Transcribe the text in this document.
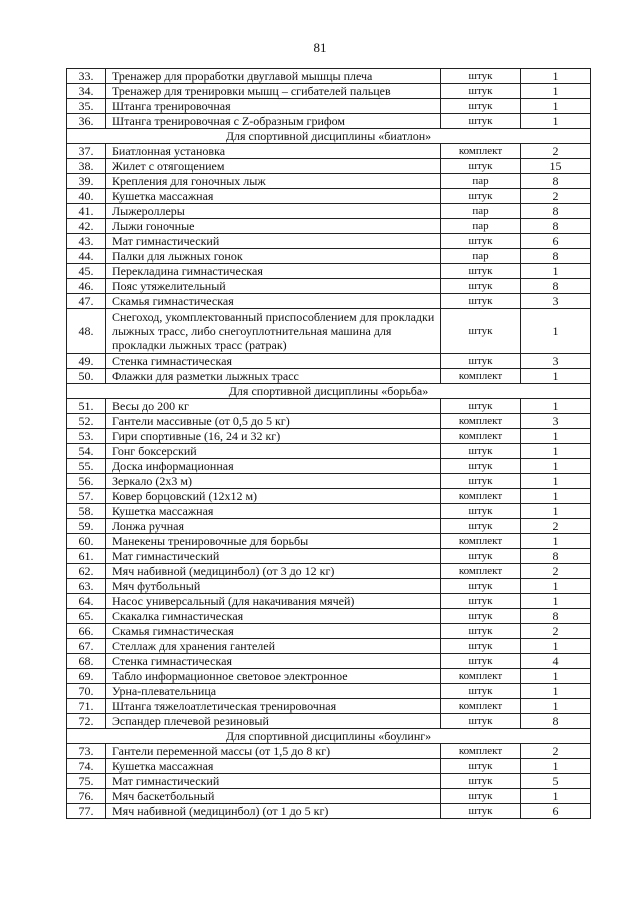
81
33.	Тренажер для проработки двуглавой мышцы плеча	штук	1
34.	Тренажер для тренировки мышц – сгибателей пальцев	штук	1
35.	Штанга тренировочная	штук	1
36.	Штанга тренировочная с Z-образным грифом	штук	1
Для спортивной дисциплины «биатлон»			
37.	Биатлонная установка	комплект	2
38.	Жилет с отягощением	штук	15
39.	Крепления для гоночных лыж	пар	8
40.	Кушетка массажная	штук	2
41.	Лыжероллеры	пар	8
42.	Лыжи гоночные	пар	8
43.	Мат гимнастический	штук	6
44.	Палки для лыжных гонок	пар	8
45.	Перекладина гимнастическая	штук	1
46.	Пояс утяжелительный	штук	8
47.	Скамья гимнастическая	штук	3
48.	Снегоход, укомплектованный приспособлением для прокладки лыжных трасс, либо снегоуплотнительная машина для прокладки лыжных трасс (ратрак)	штук	1
49.	Стенка гимнастическая	штук	3
50.	Флажки для разметки лыжных трасс	комплект	1
Для спортивной дисциплины «борьба»			
51.	Весы до 200 кг	штук	1
52.	Гантели массивные (от 0,5 до 5 кг)	комплект	3
53.	Гири спортивные (16, 24 и 32 кг)	комплект	1
54.	Гонг боксерский	штук	1
55.	Доска информационная	штук	1
56.	Зеркало (2х3 м)	штук	1
57.	Ковер борцовский (12х12 м)	комплект	1
58.	Кушетка массажная	штук	1
59.	Лонжа ручная	штук	2
60.	Манекены тренировочные для борьбы	комплект	1
61.	Мат гимнастический	штук	8
62.	Мяч набивной (медицинбол) (от 3 до 12 кг)	комплект	2
63.	Мяч футбольный	штук	1
64.	Насос универсальный (для накачивания мячей)	штук	1
65.	Скакалка гимнастическая	штук	8
66.	Скамья гимнастическая	штук	2
67.	Стеллаж для хранения гантелей	штук	1
68.	Стенка гимнастическая	штук	4
69.	Табло информационное световое электронное	комплект	1
70.	Урна-плевательница	штук	1
71.	Штанга тяжелоатлетическая тренировочная	комплект	1
72.	Эспандер плечевой резиновый	штук	8
Для спортивной дисциплины «боулинг»			
73.	Гантели переменной массы (от 1,5 до 8 кг)	комплект	2
74.	Кушетка массажная	штук	1
75.	Мат гимнастический	штук	5
76.	Мяч баскетбольный	штук	1
77.	Мяч набивной (медицинбол) (от 1 до 5 кг)	штук	6
